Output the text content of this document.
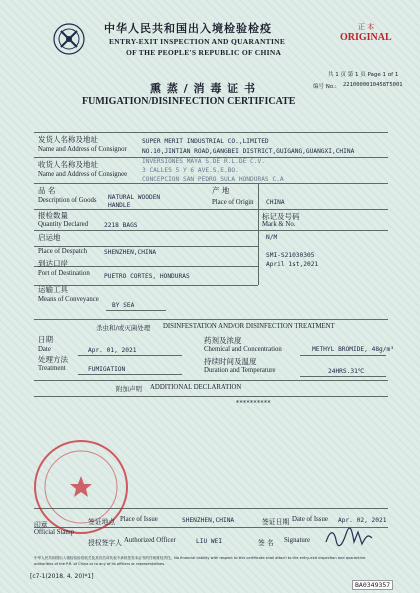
中华人民共和国出入境检验检疫
ENTRY-EXIT INSPECTION AND QUARANTINE
OF THE PEOPLE'S REPUBLIC OF CHINA
正 本
ORIGINAL
共 1 页 第 1 页 Page 1 of 1
编号 No.: 2210000010458T5001
熏 蒸 / 消 毒 证 书
FUMIGATION/DISINFECTION CERTIFICATE
发货人名称及地址
Name and Address of Consignor
SUPER MERIT INDUSTRIAL CO.,LIMITED
NO.10,JINTIAN ROAD,GANGBEI DISTRICT,GUIGANG,GUANGXI,CHINA
收货人名称及地址
Name and Address of Consignee
INVERSIONES MAYA S.DE R.L.DE C.V.
3 CALLES 5 Y 6 AVE.S.E.BO.
CONCEPCION SAN PEDRO SULA HONDURAS C.A
品 名
Description of Goods NATURAL WOODEN
HANDLE
产 地
Place of Origin CHINA
报检数量
Quantity Declared	2218 BAGS
标记及号码
Mark & No.
N/M
启运地
Place of Despatch	SHENZHEN,CHINA	SMI-S21030305
April 1st,2021
到达口岸
Port of Destination PUETRO CORTES, HONDURAS
运输工具
Means of Conveyance
BY SEA
杀虫和/或灭菌处理 DISINFESTATION AND/OR DISINFECTION TREATMENT
日期
Date	Apr. 01, 2021
药剂及浓度
Chemical and Concentration	METHYL BROMIDE, 48g/m³
处理方法
Treatment	FUMIGATION
持续时间及温度
Duration and Temperature	24HRS.31℃
附加声明 ADDITIONAL DECLARATION
**********
印章
Official Stamp
签证地点 Place of Issue	SHENZHEN,CHINA	签证日期 Date of Issue Apr. 02, 2021
授权签字人 Authorized Officer	LIU WEI	签 名 Signature
中华人民共和国出入境检验检疫机关及其官员或代表不承担签发本证书的任何财经责任。No financial liability with respect to this certificate shall attach to the entry-exit inspection and quarantine
authorities of the P.R. of China or to any of its officers or representatives.
[c7-1(2018. 4. 20)*1]
BA0349357
